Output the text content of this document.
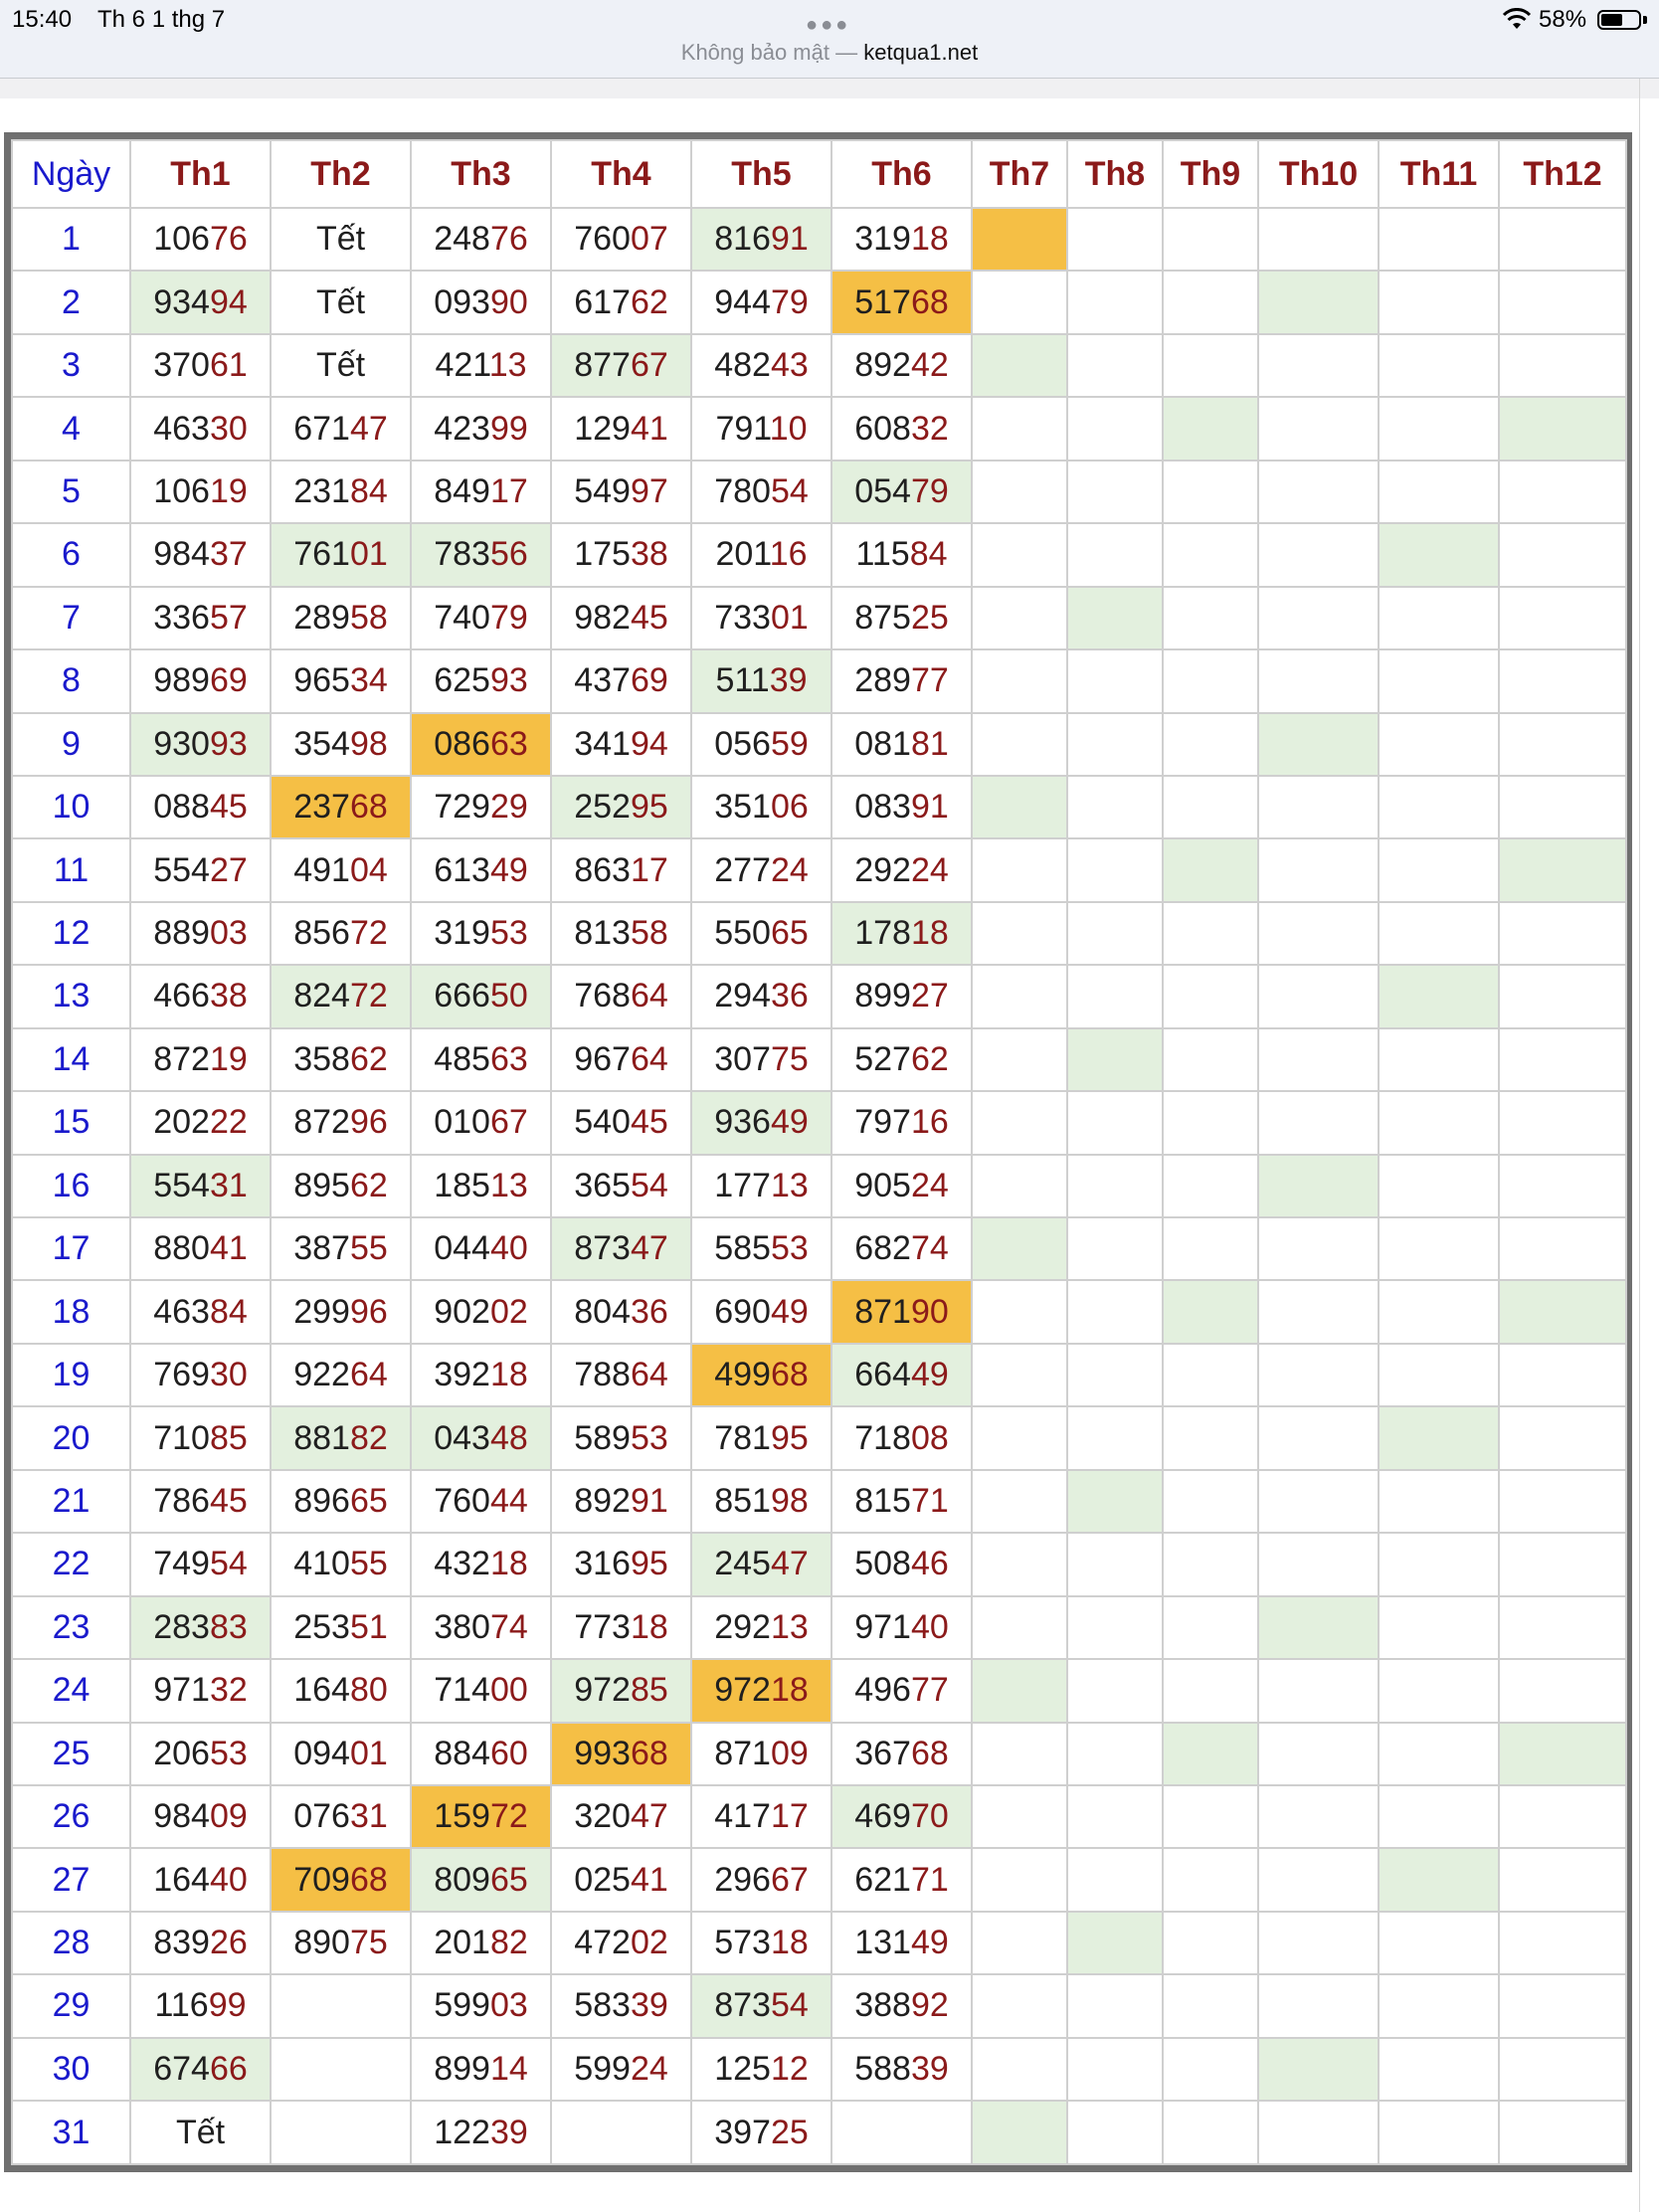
15:40 Th 6 1 thg 7	●●●
Không bảo mật — ketqua1.net
58%
Ngày	Th1	Th2	Th3	Th4	Th5	Th6	Th7	Th8	Th9	Th10	Th11	Th12
1	10676	Tết	24876	76007	81691	31918						
2	93494	Tết	09390	61762	94479	51768						
3	37061	Tết	42113	87767	48243	89242						
4	46330	67147	42399	12941	79110	60832						
5	10619	23184	84917	54997	78054	05479						
6	98437	76101	78356	17538	20116	11584						
7	33657	28958	74079	98245	73301	87525						
8	98969	96534	62593	43769	51139	28977						
9	93093	35498	08663	34194	05659	08181						
10	08845	23768	72929	25295	35106	08391						
11	55427	49104	61349	86317	27724	29224						
12	88903	85672	31953	81358	55065	17818						
13	46638	82472	66650	76864	29436	89927						
14	87219	35862	48563	96764	30775	52762						
15	20222	87296	01067	54045	93649	79716						
16	55431	89562	18513	36554	17713	90524						
17	88041	38755	04440	87347	58553	68274						
18	46384	29996	90202	80436	69049	87190						
19	76930	92264	39218	78864	49968	66449						
20	71085	88182	04348	58953	78195	71808						
21	78645	89665	76044	89291	85198	81571						
22	74954	41055	43218	31695	24547	50846						
23	28383	25351	38074	77318	29213	97140						
24	97132	16480	71400	97285	97218	49677						
25	20653	09401	88460	99368	87109	36768						
26	98409	07631	15972	32047	41717	46970						
27	16440	70968	80965	02541	29667	62171						
28	83926	89075	20182	47202	57318	13149						
29	11699		59903	58339	87354	38892						
30	67466		89914	59924	12512	58839						
31	Tết		12239		39725							
